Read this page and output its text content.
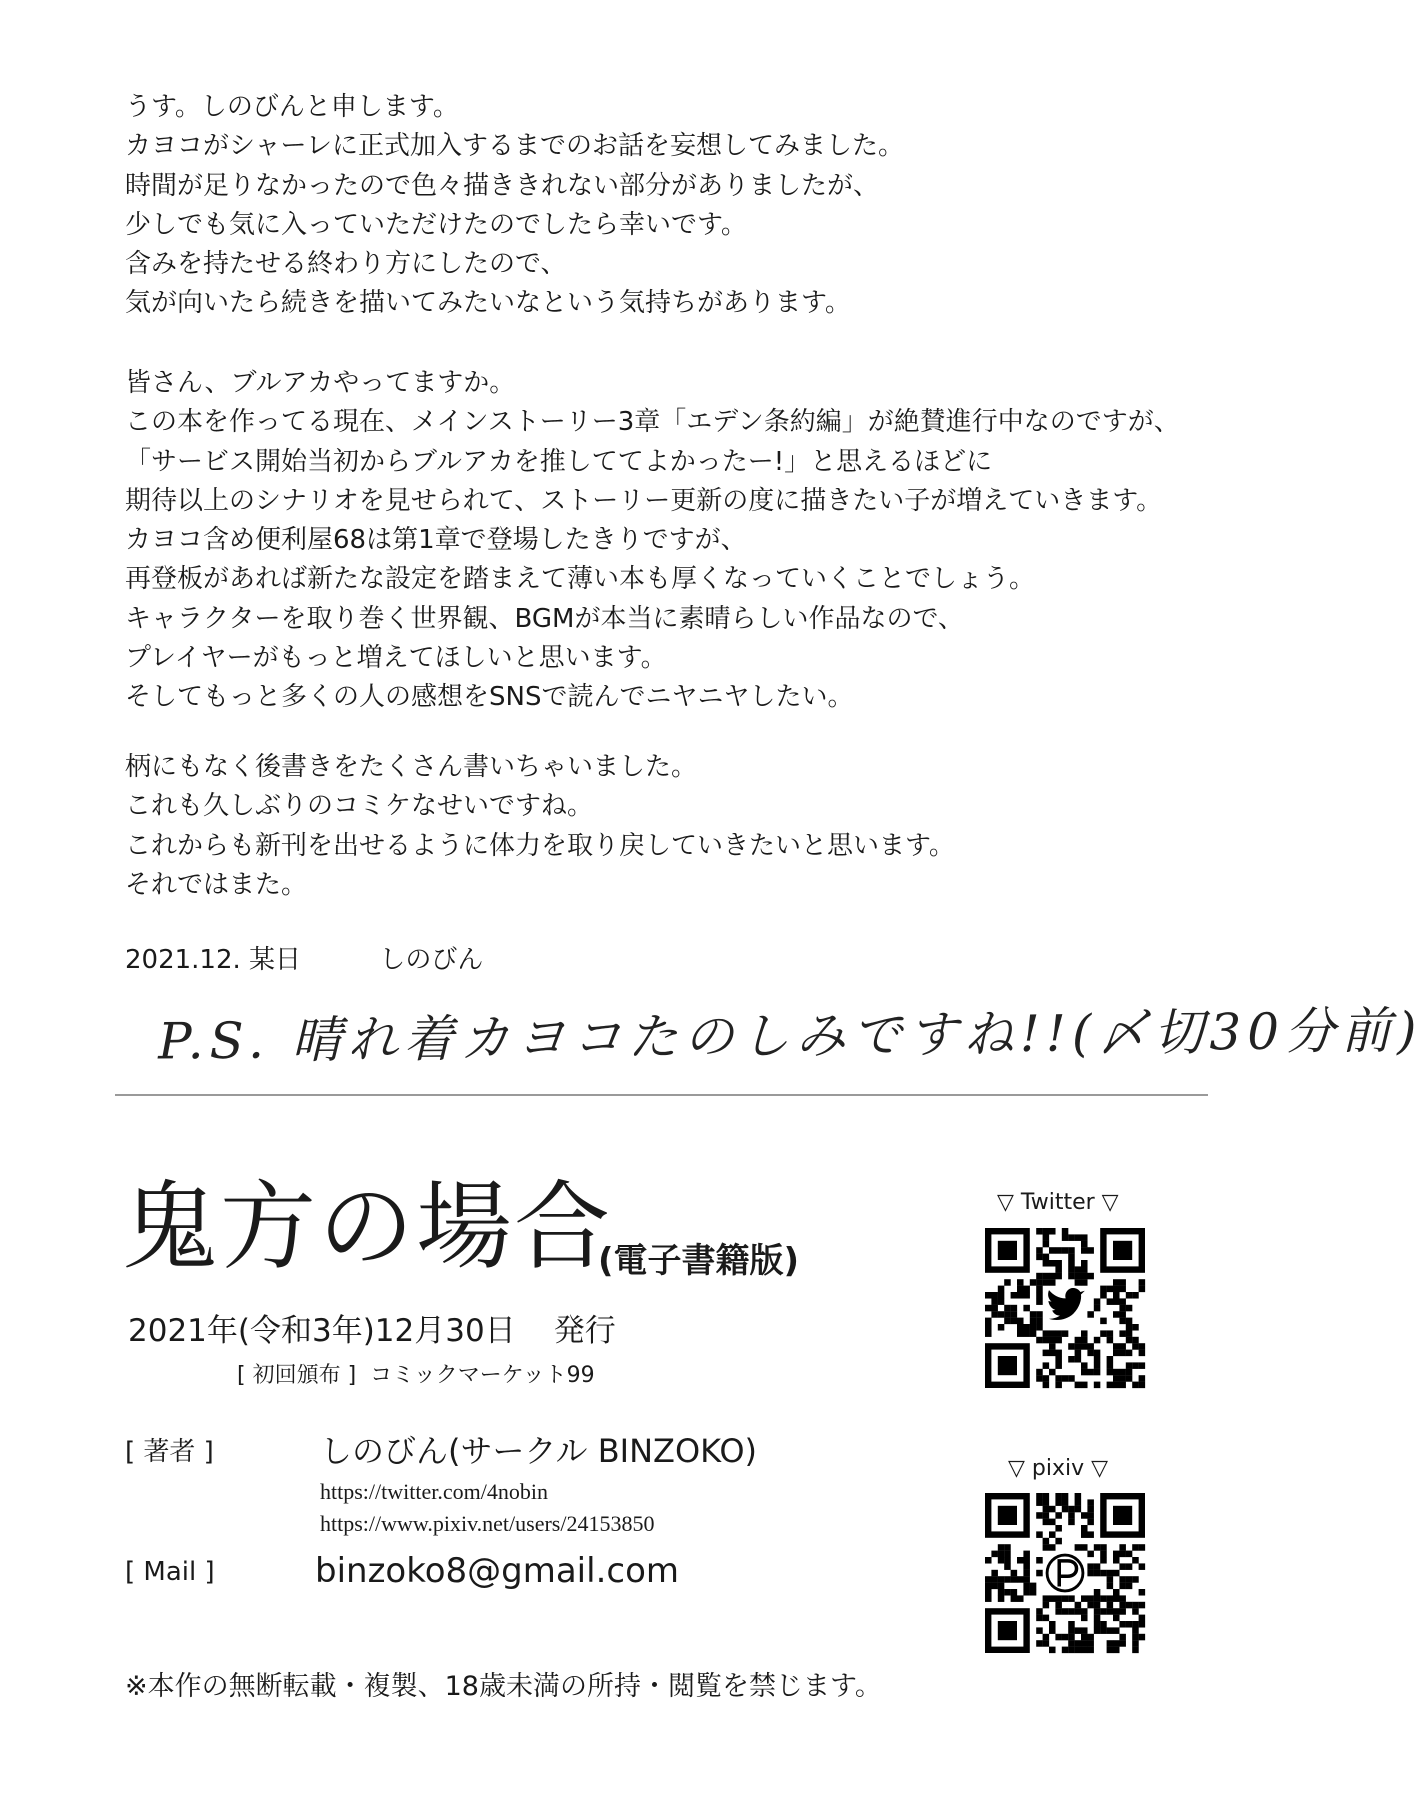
うす。しのびんと申します。
カヨコがシャーレに正式加入するまでのお話を妄想してみました。
時間が足りなかったので色々描ききれない部分がありましたが、
少しでも気に入っていただけたのでしたら幸いです。
含みを持たせる終わり方にしたので、
気が向いたら続きを描いてみたいなという気持ちがあります。
皆さん、ブルアカやってますか。
この本を作ってる現在、メインストーリー3章「エデン条約編」が絶賛進行中なのですが、
「サービス開始当初からブルアカを推しててよかったー!」と思えるほどに
期待以上のシナリオを見せられて、ストーリー更新の度に描きたい子が増えていきます。
カヨコ含め便利屋68は第1章で登場したきりですが、
再登板があれば新たな設定を踏まえて薄い本も厚くなっていくことでしょう。
キャラクターを取り巻く世界観、BGMが本当に素晴らしい作品なので、
プレイヤーがもっと増えてほしいと思います。
そしてもっと多くの人の感想をSNSで読んでニヤニヤしたい。
柄にもなく後書きをたくさん書いちゃいました。
これも久しぶりのコミケなせいですね。
これからも新刊を出せるように体力を取り戻していきたいと思います。
それではまた。
2021.12. 某日	しのびん
P.S. 晴れ着カヨコたのしみですね!!(〆切30分前)
鬼方の場合
(電子書籍版)
2021年(令和3年)12月30日 発行
[ 初回頒布 ] コミックマーケット99
[ 著者 ]	しのびん(サークル BINZOKO)
https://twitter.com/4nobin
https://www.pixiv.net/users/24153850
[ Mail ]	binzoko8@gmail.com
※本作の無断転載・複製、18歳未満の所持・閲覧を禁じます。
▽ Twitter ▽
▽ pixiv ▽
